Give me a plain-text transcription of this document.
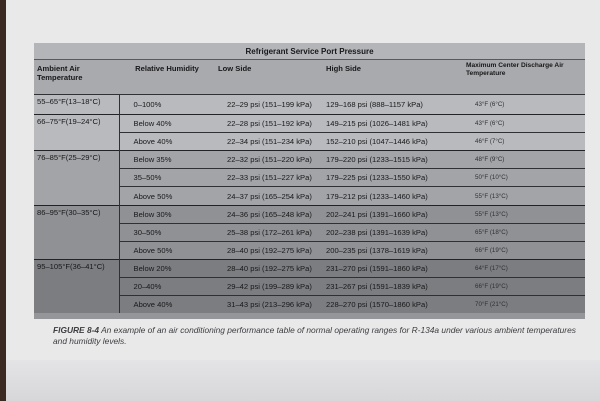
Refrigerant Service Port Pressure				
Ambient Air Temperature	Relative Humidity	Low Side	High Side	Maximum Center Discharge Air Temperature
55–65°F(13–18°C)	0–100%	22–29 psi (151–199 kPa)	129–168 psi (888–1157 kPa)	43°F (6°C)
66–75°F(19–24°C)	Below 40%	22–28 psi (151–192 kPa)	149–215 psi (1026–1481 kPa)	43°F (6°C)
	Above 40%	22–34 psi (151–234 kPa)	152–210 psi (1047–1446 kPa)	46°F (7°C)
76–85°F(25–29°C)	Below 35%	22–32 psi (151–220 kPa)	179–220 psi (1233–1515 kPa)	48°F (9°C)
	35–50%	22–33 psi (151–227 kPa)	179–225 psi (1233–1550 kPa)	50°F (10°C)
	Above 50%	24–37 psi (165–254 kPa)	179–212 psi (1233–1460 kPa)	55°F (13°C)
86–95°F(30–35°C)	Below 30%	24–36 psi (165–248 kPa)	202–241 psi (1391–1660 kPa)	55°F (13°C)
	30–50%	25–38 psi (172–261 kPa)	202–238 psi (1391–1639 kPa)	65°F (18°C)
	Above 50%	28–40 psi (192–275 kPa)	200–235 psi (1378–1619 kPa)	66°F (19°C)
95–105°F(36–41°C)	Below 20%	28–40 psi (192–275 kPa)	231–270 psi (1591–1860 kPa)	64°F (17°C)
	20–40%	29–42 psi (199–289 kPa)	231–267 psi (1591–1839 kPa)	66°F (19°C)
	Above 40%	31–43 psi (213–296 kPa)	228–270 psi (1570–1860 kPa)	70°F (21°C)
FIGURE 8-4 An example of an air conditioning performance table of normal operating ranges for R-134a under various ambient temperatures and humidity levels.
